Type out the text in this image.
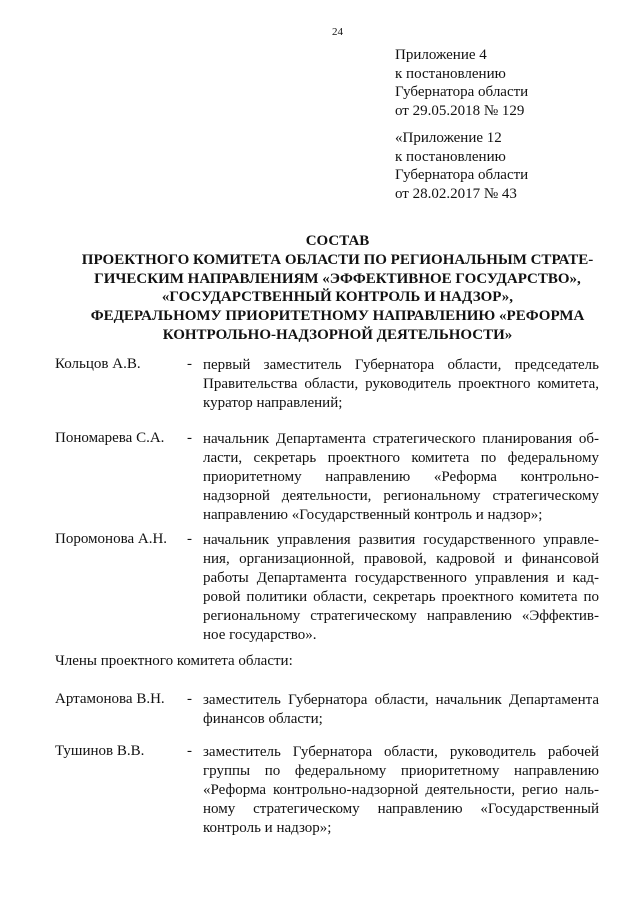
24
Приложение 4
к постановлению
Губернатора области
от 29.05.2018 № 129
«Приложение 12
к постановлению
Губернатора области
от 28.02.2017 № 43
СОСТАВ
ПРОЕКТНОГО КОМИТЕТА ОБЛАСТИ ПО РЕГИОНАЛЬНЫМ СТРАТЕ-
ГИЧЕСКИМ НАПРАВЛЕНИЯМ «ЭФФЕКТИВНОЕ ГОСУДАРСТВО»,
«ГОСУДАРСТВЕННЫЙ КОНТРОЛЬ И НАДЗОР»,
ФЕДЕРАЛЬНОМУ ПРИОРИТЕТНОМУ НАПРАВЛЕНИЮ «РЕФОРМА
КОНТРОЛЬНО-НАДЗОРНОЙ ДЕЯТЕЛЬНОСТИ»
Кольцов А.В.	- первый заместитель Губернатора области, председатель
Правительства области, руководитель проектного комитета,
куратор направлений;
Пономарева С.А. - начальник Департамента стратегического планирования об-
ласти, секретарь проектного комитета по федеральному
приоритетному направлению «Реформа контрольно-
надзорной деятельности, региональному стратегическому
направлению «Государственный контроль и надзор»;
Поромонова А.Н. - начальник управления развития государственного управле-
ния, организационной, правовой, кадровой и финансовой
работы Департамента государственного управления и кад-
ровой политики области, секретарь проектного комитета по
региональному стратегическому направлению «Эффектив-
ное государство».
Члены проектного комитета области:
Артамонова В.Н. - заместитель Губернатора области, начальник Департамента
финансов области;
Тушинов В.В.	- заместитель Губернатора области, руководитель рабочей
группы по федеральному приоритетному направлению
«Реформа контрольно-надзорной деятельности, регио наль-
ному стратегическому направлению «Государственный
контроль и надзор»;
